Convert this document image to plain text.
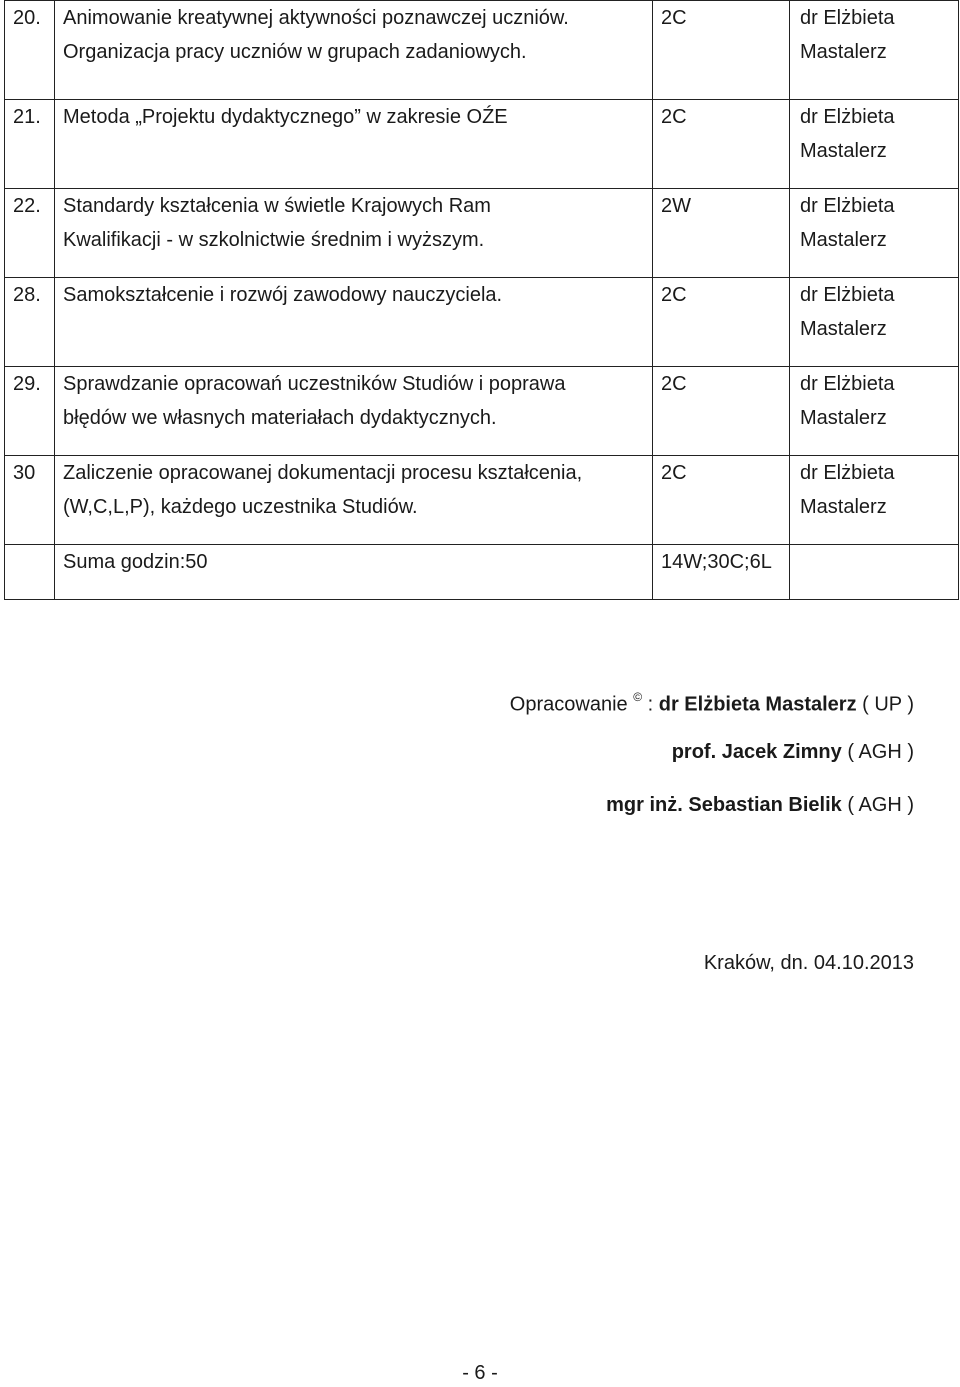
20.	Animowanie kreatywnej aktywności poznawczej uczniów.
Organizacja pracy uczniów w grupach zadaniowych.	2C	dr Elżbieta
Mastalerz

21.	Metoda „Projektu dydaktycznego” w zakresie OŹE	2C	dr Elżbieta
Mastalerz

22.	Standardy kształcenia w świetle Krajowych Ram
Kwalifikacji - w szkolnictwie średnim i wyższym.	2W	dr Elżbieta
Mastalerz

28.	Samokształcenie i rozwój zawodowy nauczyciela.	2C	dr Elżbieta
Mastalerz

29.	Sprawdzanie opracowań uczestników Studiów i poprawa
błędów we własnych materiałach dydaktycznych.	2C	dr Elżbieta
Mastalerz

30	Zaliczenie opracowanej dokumentacji procesu kształcenia,
(W,C,L,P), każdego uczestnika Studiów.	2C	dr Elżbieta
Mastalerz

	Suma godzin:50	14W;30C;6L	
Opracowanie © : dr Elżbieta Mastalerz ( UP )
prof. Jacek Zimny ( AGH )
mgr inż. Sebastian Bielik ( AGH )
Kraków, dn. 04.10.2013
- 6 -
